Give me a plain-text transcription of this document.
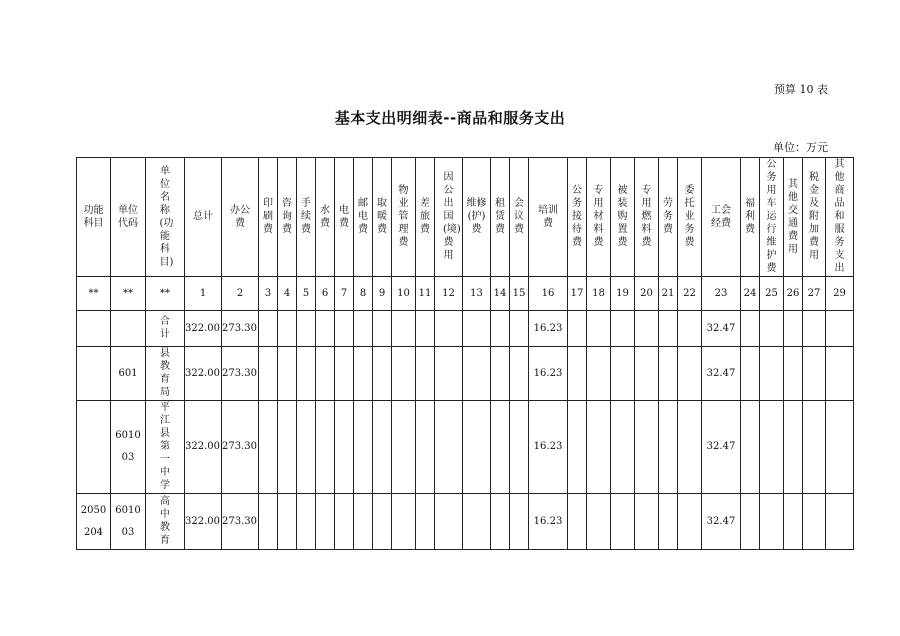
预算 10 表
基本支出明细表--商品和服务支出
单位：万元
功能科目	单位代码	单位名称(功能科目)	总计	办公费	印刷费	咨询费	手续费	水费	电费	邮电费	取暖费	物业管理费	差旅费	因公出国(境)费用	维修(护)费	租赁费	会议费	培训费	公务接待费	专用材料费	被装购置费	专用燃料费	劳务费	委托业务费	工会经费	福利费	公务用车运行维护费	其他交通费用	税金及附加费用	其他商品和服务支出
**	**	**	1	2	3	4	5	6	7	8	9	10	11	12	13	14	15	16	17	18	19	20	21	22	23	24	25	26	27	29
		合计	322.00	273.30														16.23							32.47					
	601	县教育局	322.00	273.30														16.23							32.47					
	601003	平江县第一中学	322.00	273.30														16.23							32.47					
2050204	601003	高中教育	322.00	273.30														16.23							32.47					
